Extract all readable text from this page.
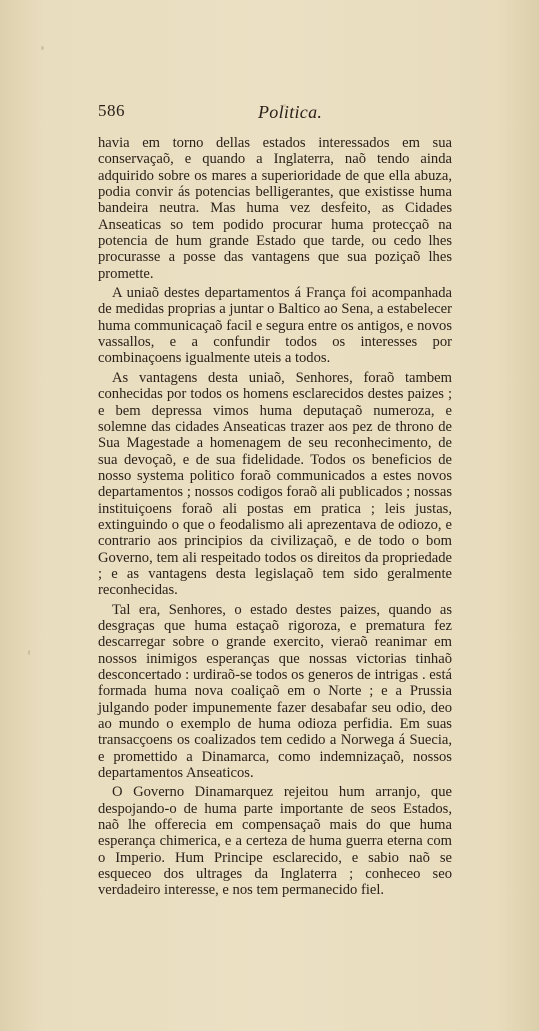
586	Politica.

havia em torno dellas estados interessados em sua conservaçaõ, e quando a Inglaterra, naõ tendo ainda adquirido sobre os mares a superioridade de que ella abuza, podia convir ás potencias belligerantes, que existisse huma bandeira neutra. Mas huma vez desfeito, as Cidades Anseaticas so tem podido procurar huma protecçaõ na potencia de hum grande Estado que tarde, ou cedo lhes procurasse a posse das vantagens que sua poziçaõ lhes promette.

A uniaõ destes departamentos á França foi acompanhada de medidas proprias a juntar o Baltico ao Sena, a estabelecer huma communicaçaõ facil e segura entre os antigos, e novos vassallos, e a confundir todos os interesses por combinaçoens igualmente uteis a todos.

As vantagens desta uniaõ, Senhores, foraõ tambem conhecidas por todos os homens esclarecidos destes paizes ; e bem depressa vimos huma deputaçaõ numeroza, e solemne das cidades Anseaticas trazer aos pez de throno de Sua Magestade a homenagem de seu reconhecimento, de sua devoçaõ, e de sua fidelidade. Todos os beneficios de nosso systema politico foraõ communicados a estes novos departamentos ; nossos codigos foraõ ali publicados ; nossas instituiçoens foraõ ali postas em pratica ; leis justas, extinguindo o que o feodalismo ali aprezentava de odiozo, e contrario aos principios da civilizaçaõ, e de todo o bom Governo, tem ali respeitado todos os direitos da propriedade ; e as vantagens desta legislaçaõ tem sido geralmente reconhecidas.

Tal era, Senhores, o estado destes paizes, quando as desgraças que huma estaçaõ rigoroza, e prematura fez descarregar sobre o grande exercito, vieraõ reanimar em nossos inimigos esperanças que nossas victorias tinhaõ desconcertado : urdiraõ-se todos os generos de intrigas . está formada huma nova coaliçaõ em o Norte ; e a Prussia julgando poder impunemente fazer desabafar seu odio, deo ao mundo o exemplo de huma odioza perfidia. Em suas transacçoens os coalizados tem cedido a Norwega á Suecia, e promettido a Dinamarca, como indemnizaçaõ, nossos departamentos Anseaticos.

O Governo Dinamarquez rejeitou hum arranjo, que despojando-o de huma parte importante de seos Estados, naõ lhe offerecia em compensaçaõ mais do que huma esperança chimerica, e a certeza de huma guerra eterna com o Imperio. Hum Principe esclarecido, e sabio naõ se esqueceo dos ultrages da Inglaterra ; conheceo seo verdadeiro interesse, e nos tem permanecido fiel.
